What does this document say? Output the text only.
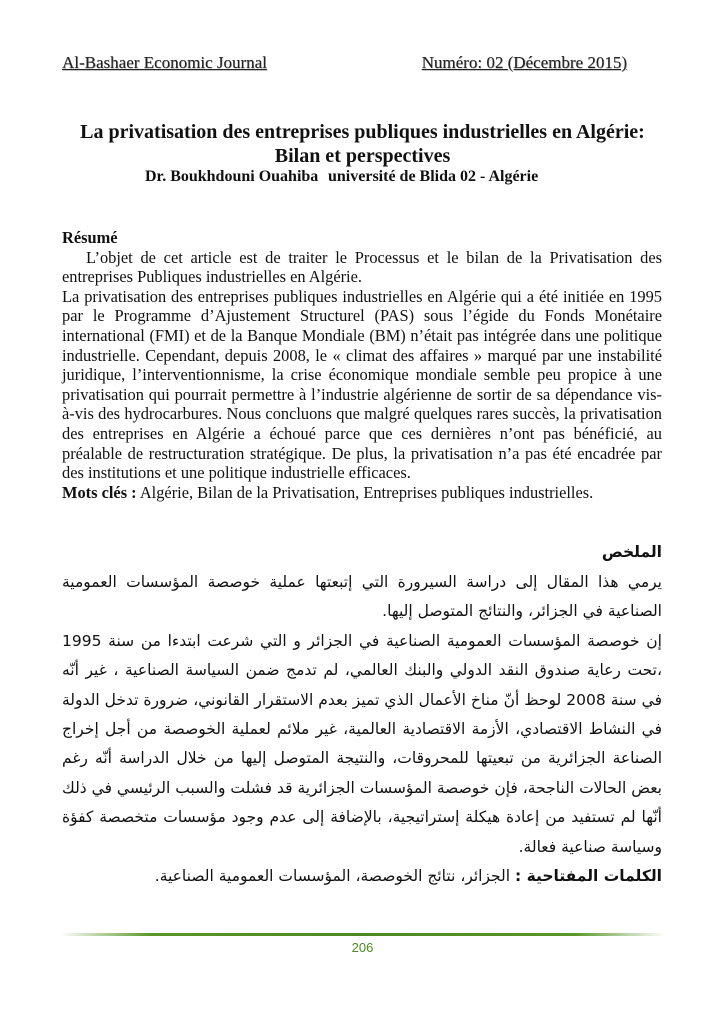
Al-Bashaer Economic Journal	Numéro: 02 (Décembre 2015)
La privatisation des entreprises publiques industrielles en Algérie:
Bilan et perspectives
Dr. Boukhdouni Ouahiba université de Blida 02 - Algérie

Résumé

L’objet de cet article est de traiter le Processus et le bilan de la Privatisation des entreprises Publiques industrielles en Algérie.

La privatisation des entreprises publiques industrielles en Algérie qui a été initiée en 1995 par le Programme d’Ajustement Structurel (PAS) sous l’égide du Fonds Monétaire international (FMI) et de la Banque Mondiale (BM) n’était pas intégrée dans une politique industrielle. Cependant, depuis 2008, le « climat des affaires » marqué par une instabilité juridique, l’interventionnisme, la crise économique mondiale semble peu propice à une privatisation qui pourrait permettre à l’industrie algérienne de sortir de sa dépendance vis-à-vis des hydrocarbures. Nous concluons que malgré quelques rares succès, la privatisation des entreprises en Algérie a échoué parce que ces dernières n’ont pas bénéficié, au préalable de restructuration stratégique. De plus, la privatisation n’a pas été encadrée par des institutions et une politique industrielle efficaces.

Mots clés : Algérie, Bilan de la Privatisation, Entreprises publiques industrielles.

الملخص

يرمي هذا المقال إلى دراسة السيرورة التي إتبعتها عملية خوصصة المؤسسات العمومية الصناعية في الجزائر، والنتائج المتوصل إليها.

إن خوصصة المؤسسات العمومية الصناعية في الجزائر و التي شرعت ابتدءا من سنة 1995 ،تحت رعاية صندوق النقد الدولي والبنك العالمي، لم تدمج ضمن السياسة الصناعية ، غير أنّه في سنة 2008 لوحظ أنّ مناخ الأعمال الذي تميز بعدم الاستقرار القانوني، ضرورة تدخل الدولة في النشاط الاقتصادي، الأزمة الاقتصادية العالمية، غير ملائم لعملية الخوصصة من أجل إخراج الصناعة الجزائرية من تبعيتها للمحروقات، والنتيجة المتوصل إليها من خلال الدراسة أنّه رغم بعض الحالات الناجحة، فإن خوصصة المؤسسات الجزائرية قد فشلت والسبب الرئيسي في ذلك أنّها لم تستفيد من إعادة هيكلة إستراتيجية، بالإضافة إلى عدم وجود مؤسسات متخصصة كفؤة وسياسة صناعية فعالة.

الكلمات المفتاحية : الجزائر، نتائج الخوصصة، المؤسسات العمومية الصناعية.

206
